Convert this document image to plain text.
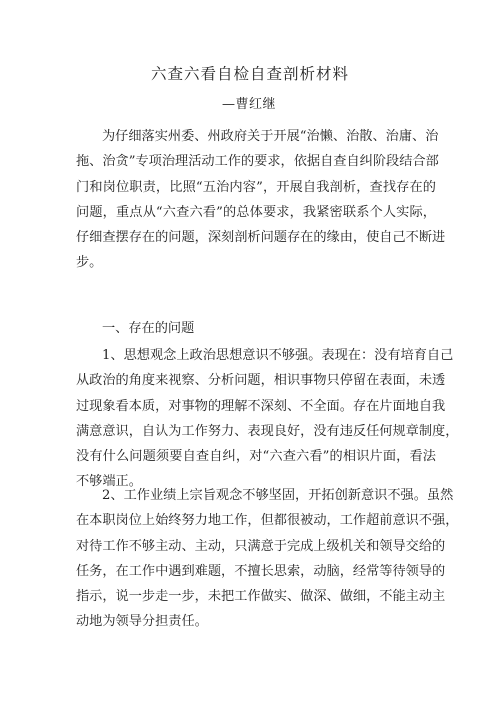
六查六看自检自查剖析材料
—曹红继
为仔细落实州委、州政府关于开展“治懒、治散、治庸、治
拖、治贪”专项治理活动工作的要求，依据自查自纠阶段结合部
门和岗位职责，比照“五治内容”，开展自我剖析，查找存在的
问题，重点从“六查六看”的总体要求，我紧密联系个人实际，
仔细查摆存在的问题，深刻剖析问题存在的缘由，使自己不断进
步。
一、存在的问题
1、思想观念上政治思想意识不够强。表现在：没有培育自己
从政治的角度来视察、分析问题，相识事物只停留在表面，未透
过现象看本质，对事物的理解不深刻、不全面。存在片面地自我
满意意识，自认为工作努力、表现良好，没有违反任何规章制度，
没有什么问题须要自查自纠，对“六查六看”的相识片面，看法
不够端正。
2、工作业绩上宗旨观念不够坚固，开拓创新意识不强。虽然
在本职岗位上始终努力地工作，但都很被动，工作超前意识不强，
对待工作不够主动、主动，只满意于完成上级机关和领导交给的
任务，在工作中遇到难题，不擅长思索，动脑，经常等待领导的
指示，说一步走一步，未把工作做实、做深、做细，不能主动主
动地为领导分担责任。
